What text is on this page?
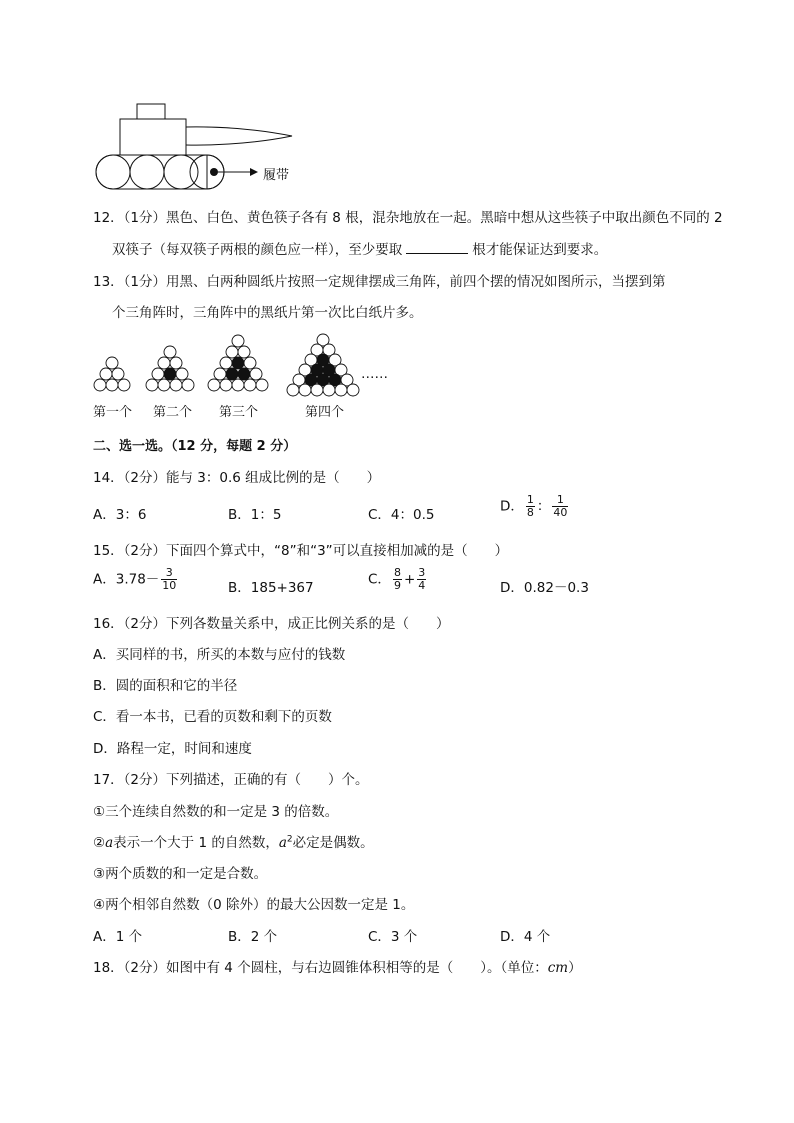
履带
12．（1分）黑色、白色、黄色筷子各有 8 根，混杂地放在一起。黑暗中想从这些筷子中取出颜色不同的 2
双筷子（每双筷子两根的颜色应一样），至少要取	根才能保证达到要求。
13．（1分）用黑、白两种圆纸片按照一定规律摆成三角阵，前四个摆的情况如图所示，当摆到第
个三角阵时，三角阵中的黑纸片第一次比白纸片多。
……
第一个 第二个 第三个	第四个
二、选一选。（12 分，每题 2 分）
14．（2分）能与 3：0.6 组成比例的是（　　）
A．3：6	B．1：5	C．4：0.5
D． $\frac{1}{8}$ ： $\frac{1}{40}$
15．（2分）下面四个算式中，“8”和“3”可以直接相加减的是（　　）
A．$3.78- \frac{3}{10}$	B．185+367
C． $\frac{8}{9} + \frac{3}{4}$	D．0.82－0.3
16．（2分）下列各数量关系中，成正比例关系的是（　　）
A．买同样的书，所买的本数与应付的钱数
B．圆的面积和它的半径
C．看一本书，已看的页数和剩下的页数
D．路程一定，时间和速度
17．（2分）下列描述，正确的有（　　）个。
①三个连续自然数的和一定是 3 的倍数。
②a表示一个大于 1 的自然数，$a^2$必定是偶数。
③两个质数的和一定是合数。
④两个相邻自然数（0 除外）的最大公因数一定是 1。
A．1 个	B．2 个	C．3 个	D．4 个
18．（2分）如图中有 4 个圆柱，与右边圆锥体积相等的是（　　）。（单位：cm）
